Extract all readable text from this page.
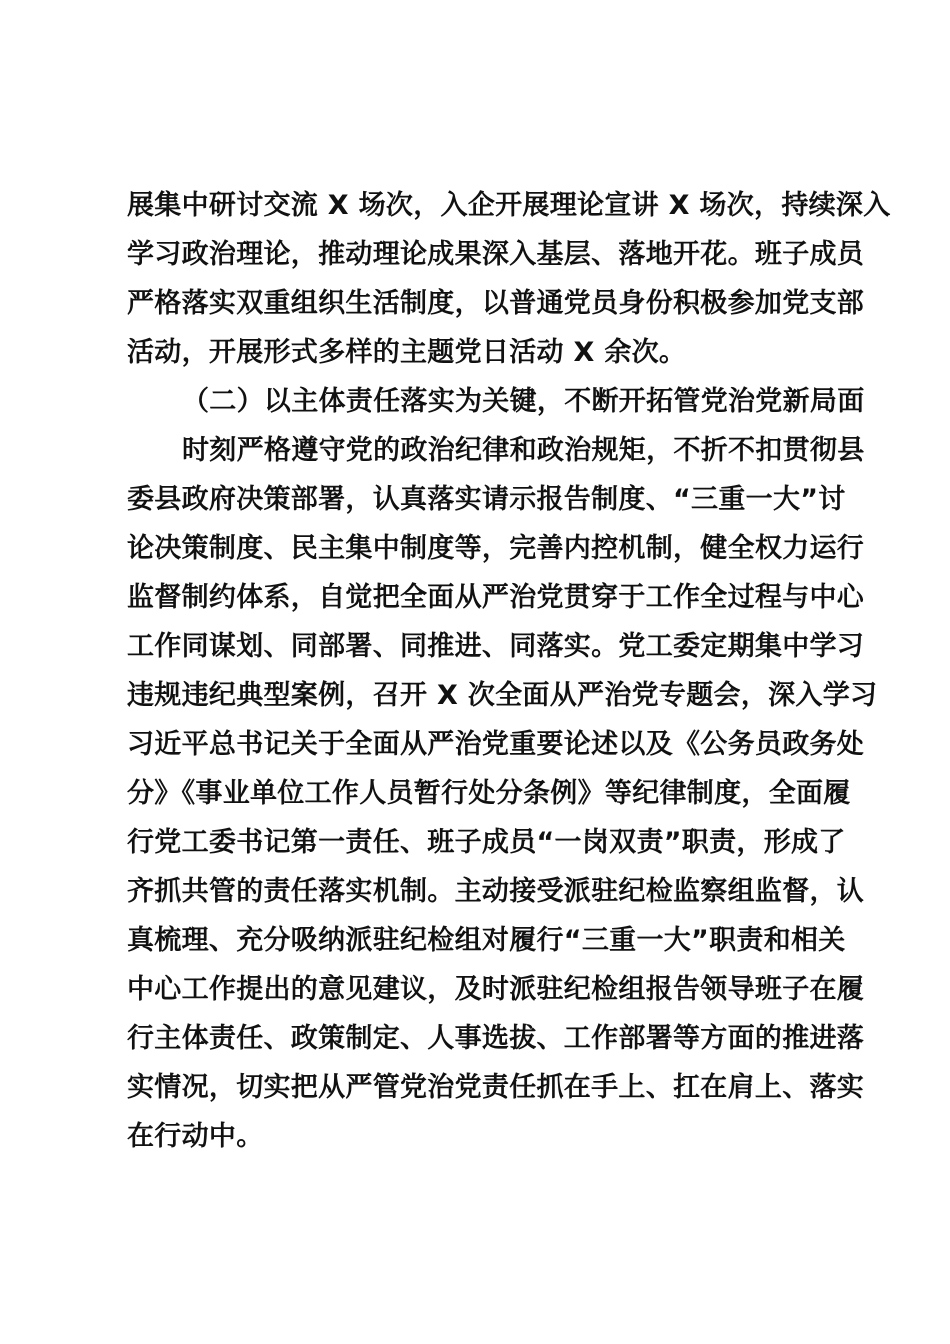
展集中研讨交流 X 场次，入企开展理论宣讲 X 场次，持续深入
学习政治理论，推动理论成果深入基层、落地开花。班子成员
严格落实双重组织生活制度，以普通党员身份积极参加党支部
活动，开展形式多样的主题党日活动 X 余次。
（二）以主体责任落实为关键，不断开拓管党治党新局面
时刻严格遵守党的政治纪律和政治规矩，不折不扣贯彻县
委县政府决策部署，认真落实请示报告制度、“三重一大”讨
论决策制度、民主集中制度等，完善内控机制，健全权力运行
监督制约体系，自觉把全面从严治党贯穿于工作全过程与中心
工作同谋划、同部署、同推进、同落实。党工委定期集中学习
违规违纪典型案例，召开 X 次全面从严治党专题会，深入学习
习近平总书记关于全面从严治党重要论述以及《公务员政务处
分》《事业单位工作人员暂行处分条例》等纪律制度，全面履
行党工委书记第一责任、班子成员“一岗双责”职责，形成了
齐抓共管的责任落实机制。主动接受派驻纪检监察组监督，认
真梳理、充分吸纳派驻纪检组对履行“三重一大”职责和相关
中心工作提出的意见建议，及时派驻纪检组报告领导班子在履
行主体责任、政策制定、人事选拔、工作部署等方面的推进落
实情况，切实把从严管党治党责任抓在手上、扛在肩上、落实
在行动中。
